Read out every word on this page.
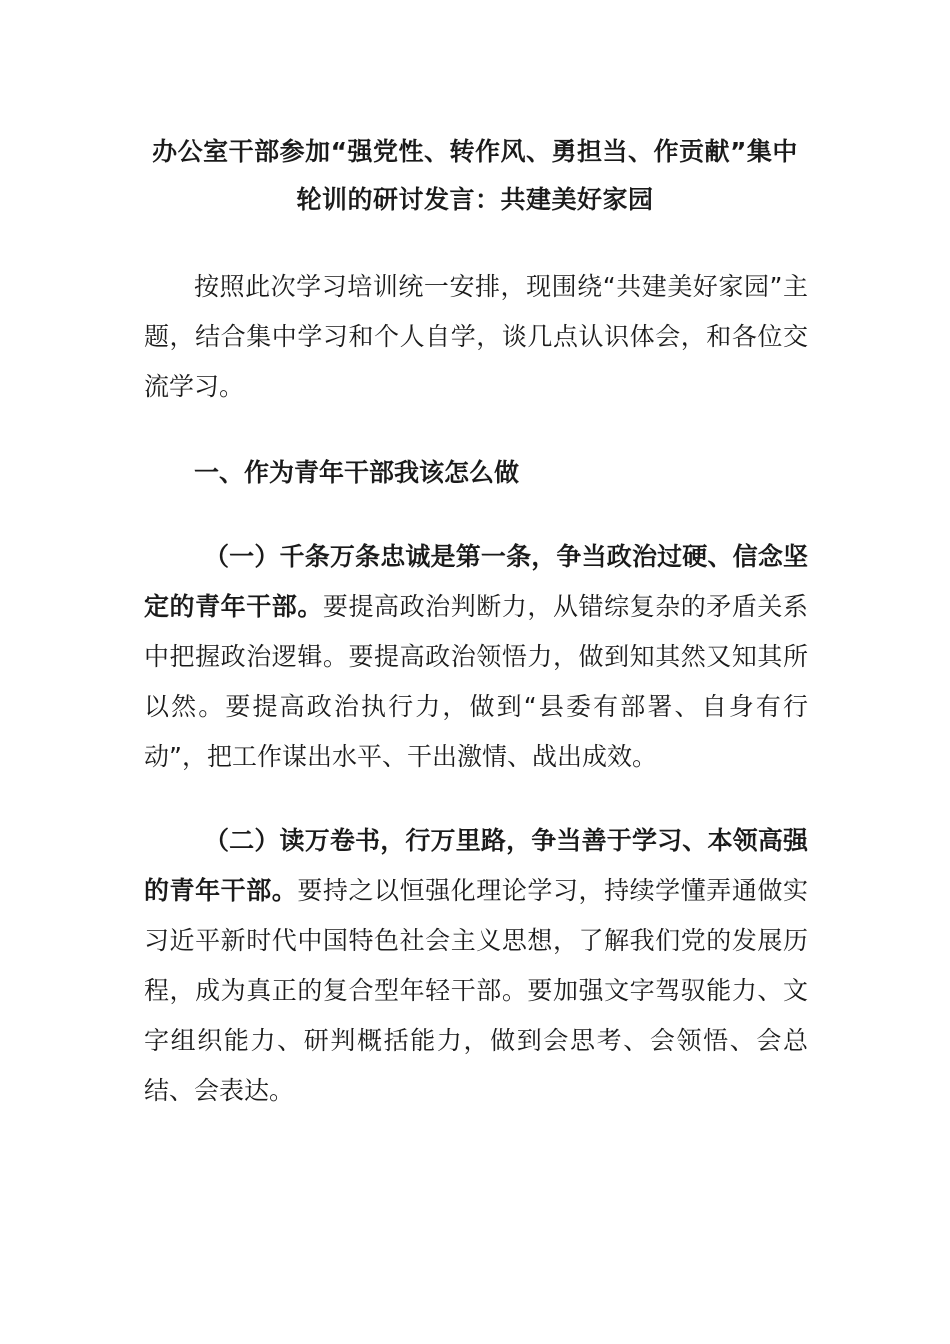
办公室干部参加“强党性、转作风、勇担当、作贡献”集中轮训的研讨发言：共建美好家园

按照此次学习培训统一安排，现围绕“共建美好家园”主题，结合集中学习和个人自学，谈几点认识体会，和各位交流学习。

一、作为青年干部我该怎么做

（一）千条万条忠诚是第一条，争当政治过硬、信念坚定的青年干部。要提高政治判断力，从错综复杂的矛盾关系中把握政治逻辑。要提高政治领悟力，做到知其然又知其所以然。要提高政治执行力，做到“县委有部署、自身有行动”，把工作谋出水平、干出激情、战出成效。

（二）读万卷书，行万里路，争当善于学习、本领高强的青年干部。要持之以恒强化理论学习，持续学懂弄通做实习近平新时代中国特色社会主义思想，了解我们党的发展历程，成为真正的复合型年轻干部。要加强文字驾驭能力、文字组织能力、研判概括能力，做到会思考、会领悟、会总结、会表达。
